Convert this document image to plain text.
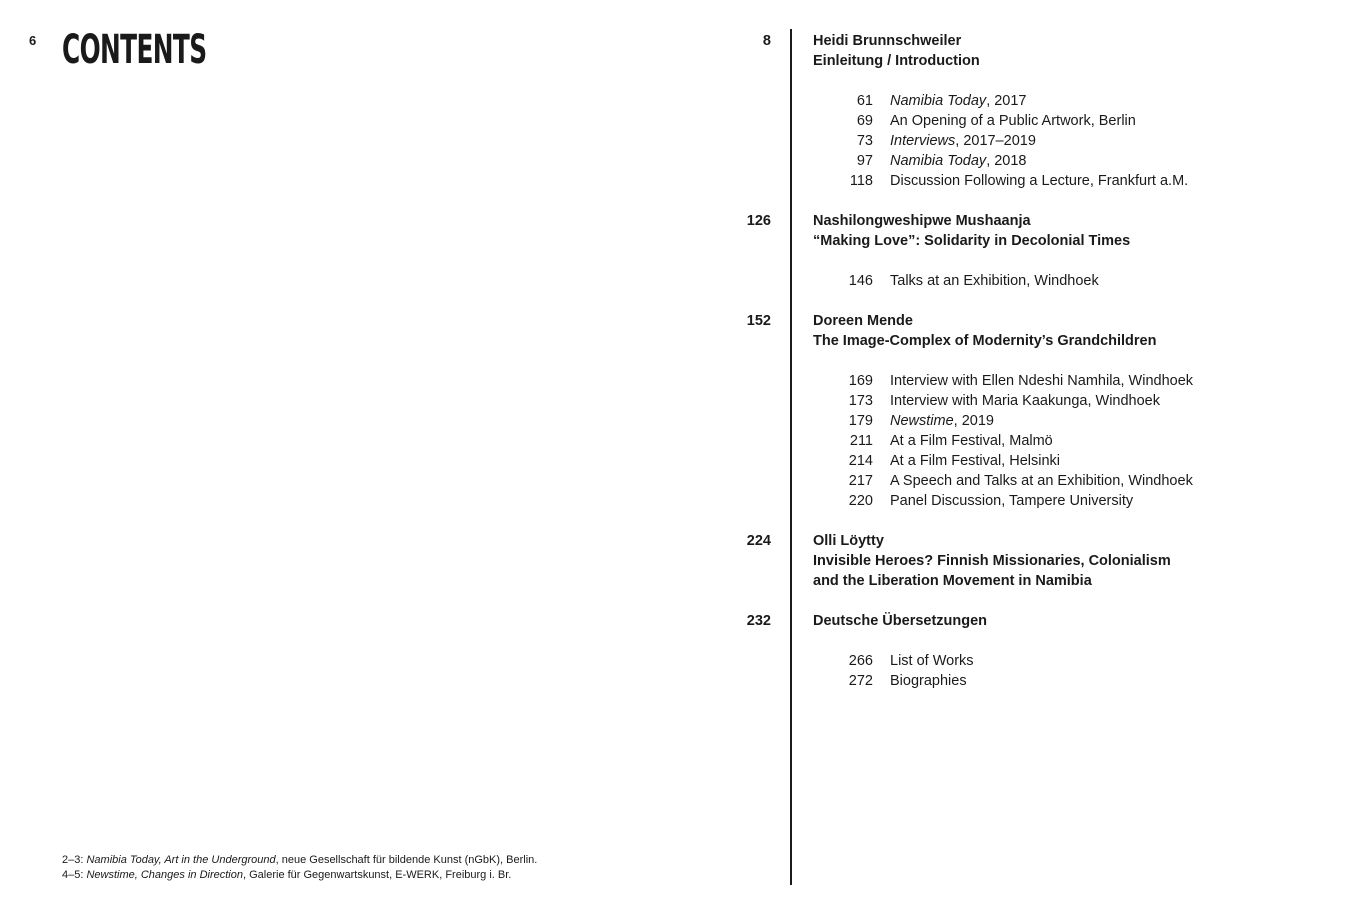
6 CONTENTS	8	Heidi Brunnschweiler
Einleitung / Introduction
61 Namibia Today, 2017
69 An Opening of a Public Artwork, Berlin
73 Interviews, 2017–2019
97 Namibia Today, 2018
118 Discussion Following a Lecture, Frankfurt a.M.
126	Nashilongweshipwe Mushaanja
“Making Love”: Solidarity in Decolonial Times
146 Talks at an Exhibition, Windhoek
152	Doreen Mende
The Image-Complex of Modernity’s Grandchildren
169 Interview with Ellen Ndeshi Namhila, Windhoek
173 Interview with Maria Kaakunga, Windhoek
179 Newstime, 2019
211 At a Film Festival, Malmö
214 At a Film Festival, Helsinki
217 A Speech and Talks at an Exhibition, Windhoek
220 Panel Discussion, Tampere University
224	Olli Löytty
Invisible Heroes? Finnish Missionaries, Colonialism
and the Liberation Movement in Namibia
232	Deutsche Übersetzungen
266 List of Works
272 Biographies
2–3: Namibia Today, Art in the Underground, neue Gesellschaft für bildende Kunst (nGbK), Berlin.
4–5: Newstime, Changes in Direction, Galerie für Gegenwartskunst, E-WERK, Freiburg i. Br.
